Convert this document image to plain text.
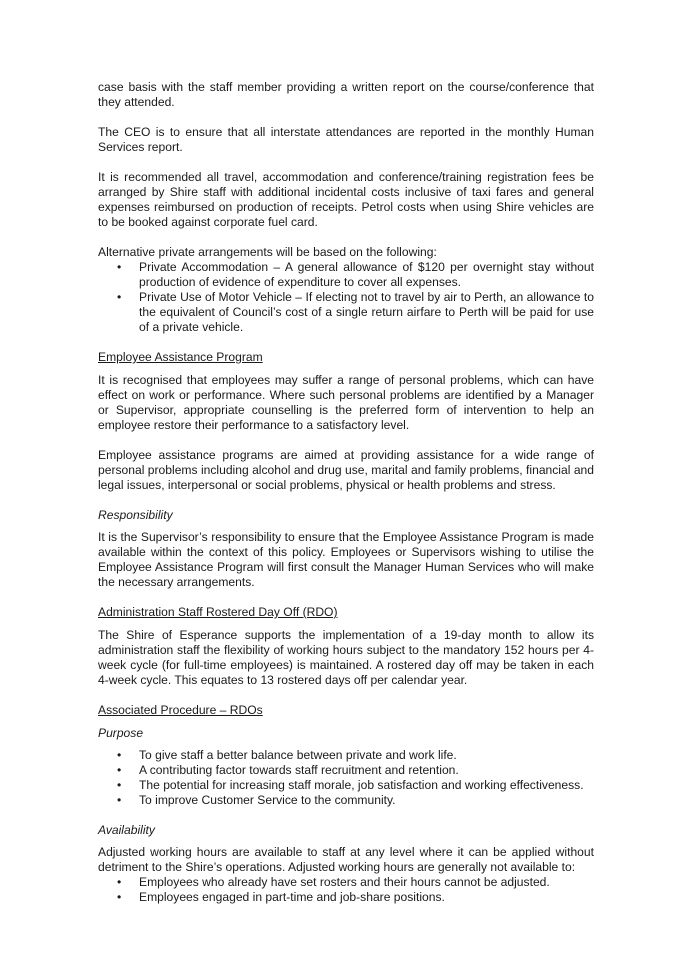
case basis with the staff member providing a written report on the course/conference that they attended.

The CEO is to ensure that all interstate attendances are reported in the monthly Human Services report.

It is recommended all travel, accommodation and conference/training registration fees be arranged by Shire staff with additional incidental costs inclusive of taxi fares and general expenses reimbursed on production of receipts. Petrol costs when using Shire vehicles are to be booked against corporate fuel card.

Alternative private arrangements will be based on the following:

• Private Accommodation – A general allowance of $120 per overnight stay without production of evidence of expenditure to cover all expenses.
• Private Use of Motor Vehicle – If electing not to travel by air to Perth, an allowance to the equivalent of Council’s cost of a single return airfare to Perth will be paid for use of a private vehicle.

Employee Assistance Program

It is recognised that employees may suffer a range of personal problems, which can have effect on work or performance. Where such personal problems are identified by a Manager or Supervisor, appropriate counselling is the preferred form of intervention to help an employee restore their performance to a satisfactory level.

Employee assistance programs are aimed at providing assistance for a wide range of personal problems including alcohol and drug use, marital and family problems, financial and legal issues, interpersonal or social problems, physical or health problems and stress.

Responsibility

It is the Supervisor’s responsibility to ensure that the Employee Assistance Program is made available within the context of this policy. Employees or Supervisors wishing to utilise the Employee Assistance Program will first consult the Manager Human Services who will make the necessary arrangements.

Administration Staff Rostered Day Off (RDO)

The Shire of Esperance supports the implementation of a 19-day month to allow its administration staff the flexibility of working hours subject to the mandatory 152 hours per 4-week cycle (for full-time employees) is maintained. A rostered day off may be taken in each 4-week cycle. This equates to 13 rostered days off per calendar year.

Associated Procedure – RDOs

Purpose

• To give staff a better balance between private and work life.
• A contributing factor towards staff recruitment and retention.
• The potential for increasing staff morale, job satisfaction and working effectiveness.
• To improve Customer Service to the community.

Availability

Adjusted working hours are available to staff at any level where it can be applied without detriment to the Shire’s operations. Adjusted working hours are generally not available to:

• Employees who already have set rosters and their hours cannot be adjusted.
• Employees engaged in part-time and job-share positions.
